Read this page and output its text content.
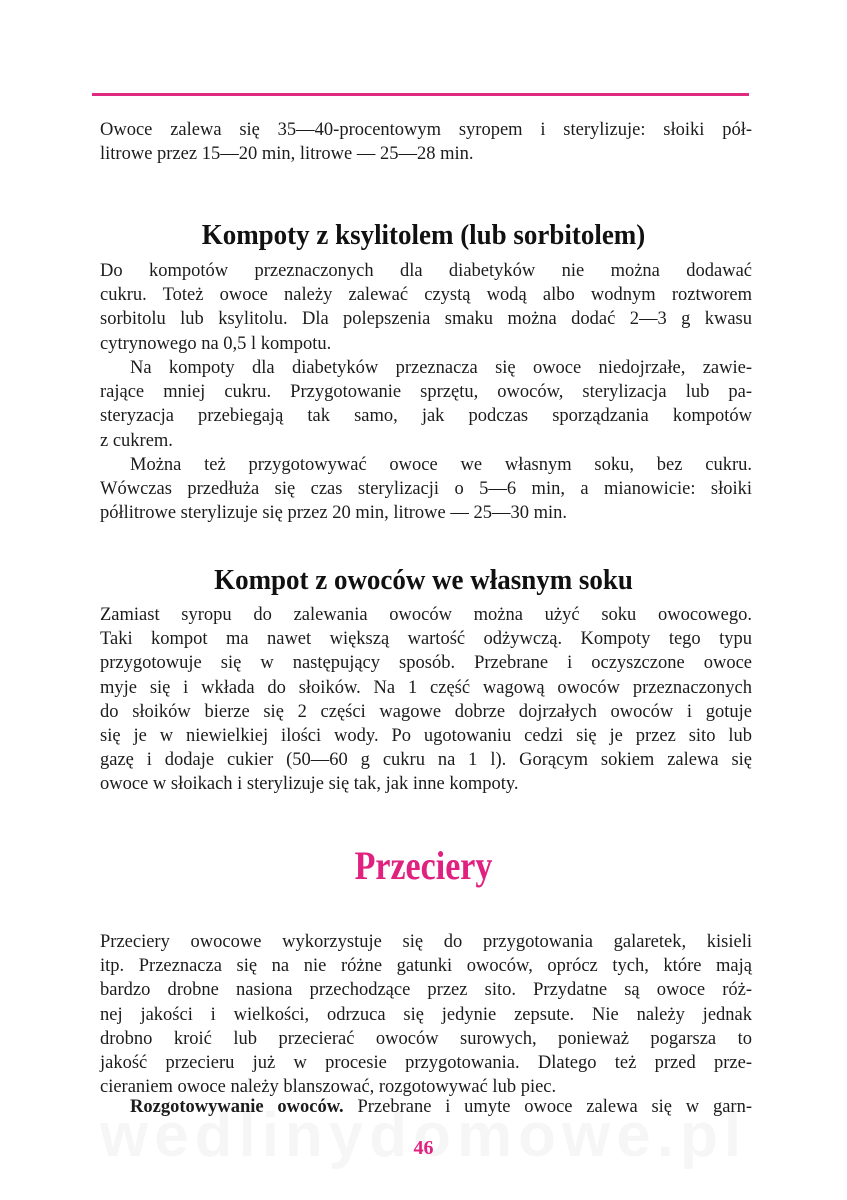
Owoce zalewa się 35—40-procentowym syropem i sterylizuje: słoiki pół-
litrowe przez 15—20 min, litrowe — 25—28 min.

Kompoty z ksylitolem (lub sorbitolem)

Do kompotów przeznaczonych dla diabetyków nie można dodawać
cukru. Toteż owoce należy zalewać czystą wodą albo wodnym roztworem
sorbitolu lub ksylitolu. Dla polepszenia smaku można dodać 2—3 g kwasu
cytrynowego na 0,5 l kompotu.

Na kompoty dla diabetyków przeznacza się owoce niedojrzałe, zawie-
rające mniej cukru. Przygotowanie sprzętu, owoców, sterylizacja lub pa-
steryzacja przebiegają tak samo, jak podczas sporządzania kompotów
z cukrem.

Można też przygotowywać owoce we własnym soku, bez cukru.
Wówczas przedłuża się czas sterylizacji o 5—6 min, a mianowicie: słoiki
półlitrowe sterylizuje się przez 20 min, litrowe — 25—30 min.

Kompot z owoców we własnym soku

Zamiast syropu do zalewania owoców można użyć soku owocowego.
Taki kompot ma nawet większą wartość odżywczą. Kompoty tego typu
przygotowuje się w następujący sposób. Przebrane i oczyszczone owoce
myje się i wkłada do słoików. Na 1 część wagową owoców przeznaczonych
do słoików bierze się 2 części wagowe dobrze dojrzałych owoców i gotuje
się je w niewielkiej ilości wody. Po ugotowaniu cedzi się je przez sito lub
gazę i dodaje cukier (50—60 g cukru na 1 l). Gorącym sokiem zalewa się
owoce w słoikach i sterylizuje się tak, jak inne kompoty.

Przeciery

Przeciery owocowe wykorzystuje się do przygotowania galaretek, kisieli
itp. Przeznacza się na nie różne gatunki owoców, oprócz tych, które mają
bardzo drobne nasiona przechodzące przez sito. Przydatne są owoce róż-
nej jakości i wielkości, odrzuca się jedynie zepsute. Nie należy jednak
drobno kroić lub przecierać owoców surowych, ponieważ pogarsza to
jakość przecieru już w procesie przygotowania. Dlatego też przed prze-
cieraniem owoce należy blanszować, rozgotowywać lub piec.

Rozgotowywanie owoców. Przebrane i umyte owoce zalewa się w garn-

46
